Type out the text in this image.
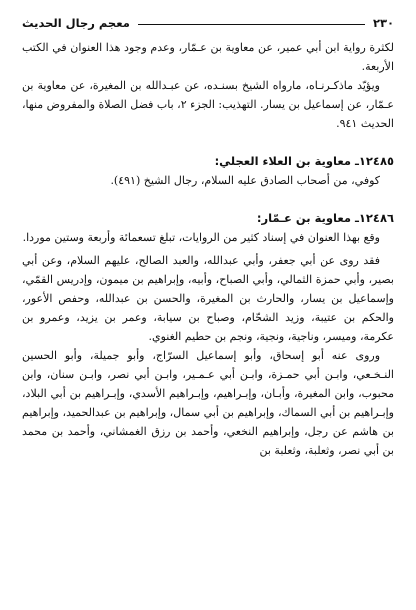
٢٣٠
معجم رجال الحديث

لكثرة رواية ابن أبي عمير، عن معاوية بن عـمّار، وعدم وجود هذا العنوان في الكتب الأربعة.

ويؤيّد ماذكـرنـاه، مارواه الشيخ بسنـده، عن عبـدالله بن المغيرة، عن معاوية بن عـمّار، عن إسماعيل بن يسار. التهذيب: الجزء ٢، باب فضل الصلاة والمفروض منها، الحديث ٩٤١.

١٢٤٨٥ـ معاوية بن العلاء العجلي:

كوفي، من أصحاب الصادق عليه السلام، رجال الشيخ (٤٩١).

١٢٤٨٦ـ معاوية بن عـمّار:

وقع بهذا العنوان في إسناد كثير من الروايات، تبلغ تسعمائة وأربعة وستين موردا.

فقد روى عن أبي جعفر، وأبي عبدالله، والعبد الصالح، عليهم السلام، وعن أبي بصير، وأبي حمزة الثمالي، وأبي الصباح، وأبيه، وإبراهيم بن ميمون، وإدريس القمّي، وإسماعيل بن يسار، والحارث بن المغيرة، والحسن بن عبدالله، وحفص الأعور، والحكم بن عتيبة، وزيد الشحّام، وصباح بن سيابة، وعمر بن يزيد، وعمرو بن عكرمة، وميسر، وناجية، ونجية، ونجم بن حطيم الغنوي.

وروى عنه أبو إسحاق، وأبو إسماعيل السرّاج، وأبو جميلة، وأبو الحسين النـخـعي، وابـن أبي حمـزة، وابـن أبي عـمـير، وابـن أبي نصر، وابـن سنان، وابن محبوب، وابن المغيرة، وأبـان، وإبـراهيم، وإبـراهيم الأسدي، وإبـراهيم بن أبي البلاد، وإبـراهيم بن أبي السماك، وإبراهيم بن أبي سمال، وإبراهيم بن عبدالحميد، وإبراهيم بن هاشم عن رجل، وإبراهيم النخعي، وأحمد بن رزق الغمشاني، وأحمد بن محمد بن أبي نصر، وثعلبة، وثعلبة بن
